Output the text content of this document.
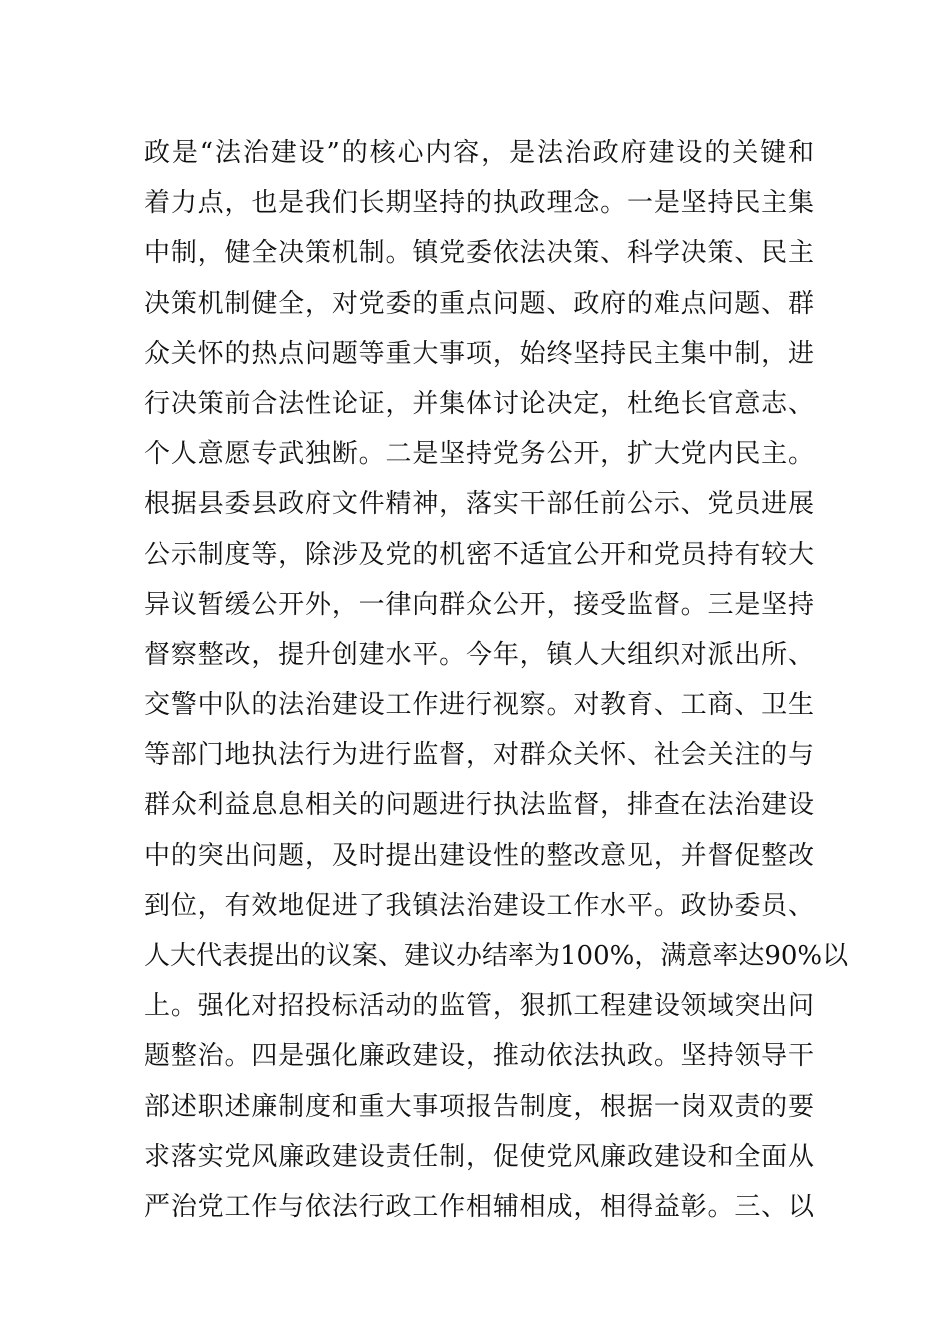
政是“法治建设”的核心内容，是法治政府建设的关键和
着力点，也是我们长期坚持的执政理念。一是坚持民主集
中制，健全决策机制。镇党委依法决策、科学决策、民主
决策机制健全，对党委的重点问题、政府的难点问题、群
众关怀的热点问题等重大事项，始终坚持民主集中制，进
行决策前合法性论证，并集体讨论决定，杜绝长官意志、
个人意愿专武独断。二是坚持党务公开，扩大党内民主。
根据县委县政府文件精神，落实干部任前公示、党员进展
公示制度等，除涉及党的机密不适宜公开和党员持有较大
异议暂缓公开外，一律向群众公开，接受监督。三是坚持
督察整改，提升创建水平。今年，镇人大组织对派出所、
交警中队的法治建设工作进行视察。对教育、工商、卫生
等部门地执法行为进行监督，对群众关怀、社会关注的与
群众利益息息相关的问题进行执法监督，排查在法治建设
中的突出问题，及时提出建设性的整改意见，并督促整改
到位，有效地促进了我镇法治建设工作水平。政协委员、
人大代表提出的议案、建议办结率为100%，满意率达90%以
上。强化对招投标活动的监管，狠抓工程建设领域突出问
题整治。四是强化廉政建设，推动依法执政。坚持领导干
部述职述廉制度和重大事项报告制度，根据一岗双责的要
求落实党风廉政建设责任制，促使党风廉政建设和全面从
严治党工作与依法行政工作相辅相成，相得益彰。三、以
